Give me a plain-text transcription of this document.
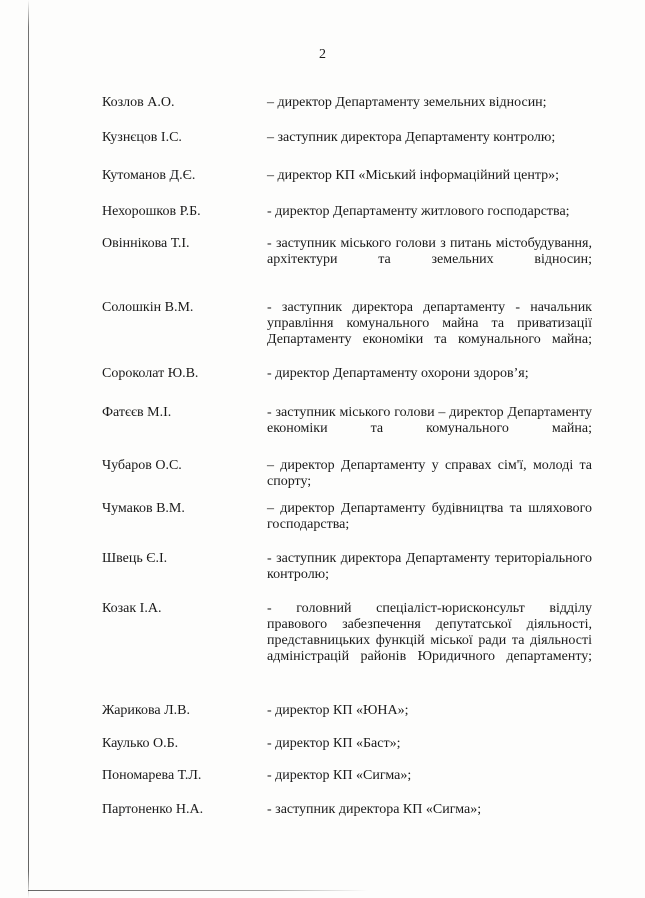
2
Козлов А.О.	– директор Департаменту земельних відносин;
Кузнєцов І.С.	– заступник директора Департаменту контролю;
Кутоманов Д.Є.	– директор КП «Міський інформаційний центр»;
Нехорошков Р.Б.	- директор Департаменту житлового господарства;
Овіннікова Т.І.	- заступник міського голови з питань містобудування, архітектури та земельних відносин;
Солошкін В.М.	- заступник директора департаменту - начальник управління комунального майна та приватизації Департаменту економіки та комунального майна;
Сороколат Ю.В.	- директор Департаменту охорони здоров’я;
Фатєєв М.І.	- заступник міського голови – директор Департаменту економіки та комунального майна;
Чубаров О.С.	– директор Департаменту у справах сім'ї, молоді та спорту;
Чумаков В.М.	– директор Департаменту будівництва та шляхового господарства;
Швець Є.І.	- заступник директора Департаменту територіального контролю;
Козак І.А.	- головний спеціаліст-юрисконсульт відділу правового забезпечення депутатської діяльності, представницьких функцій міської ради та діяльності адміністрацій районів Юридичного департаменту;
Жарикова Л.В.	- директор КП «ЮНА»;
Каулько О.Б.	- директор КП «Баст»;
Пономарева Т.Л.	- директор КП «Сигма»;
Партоненко Н.А.	- заступник директора КП «Сигма»;
